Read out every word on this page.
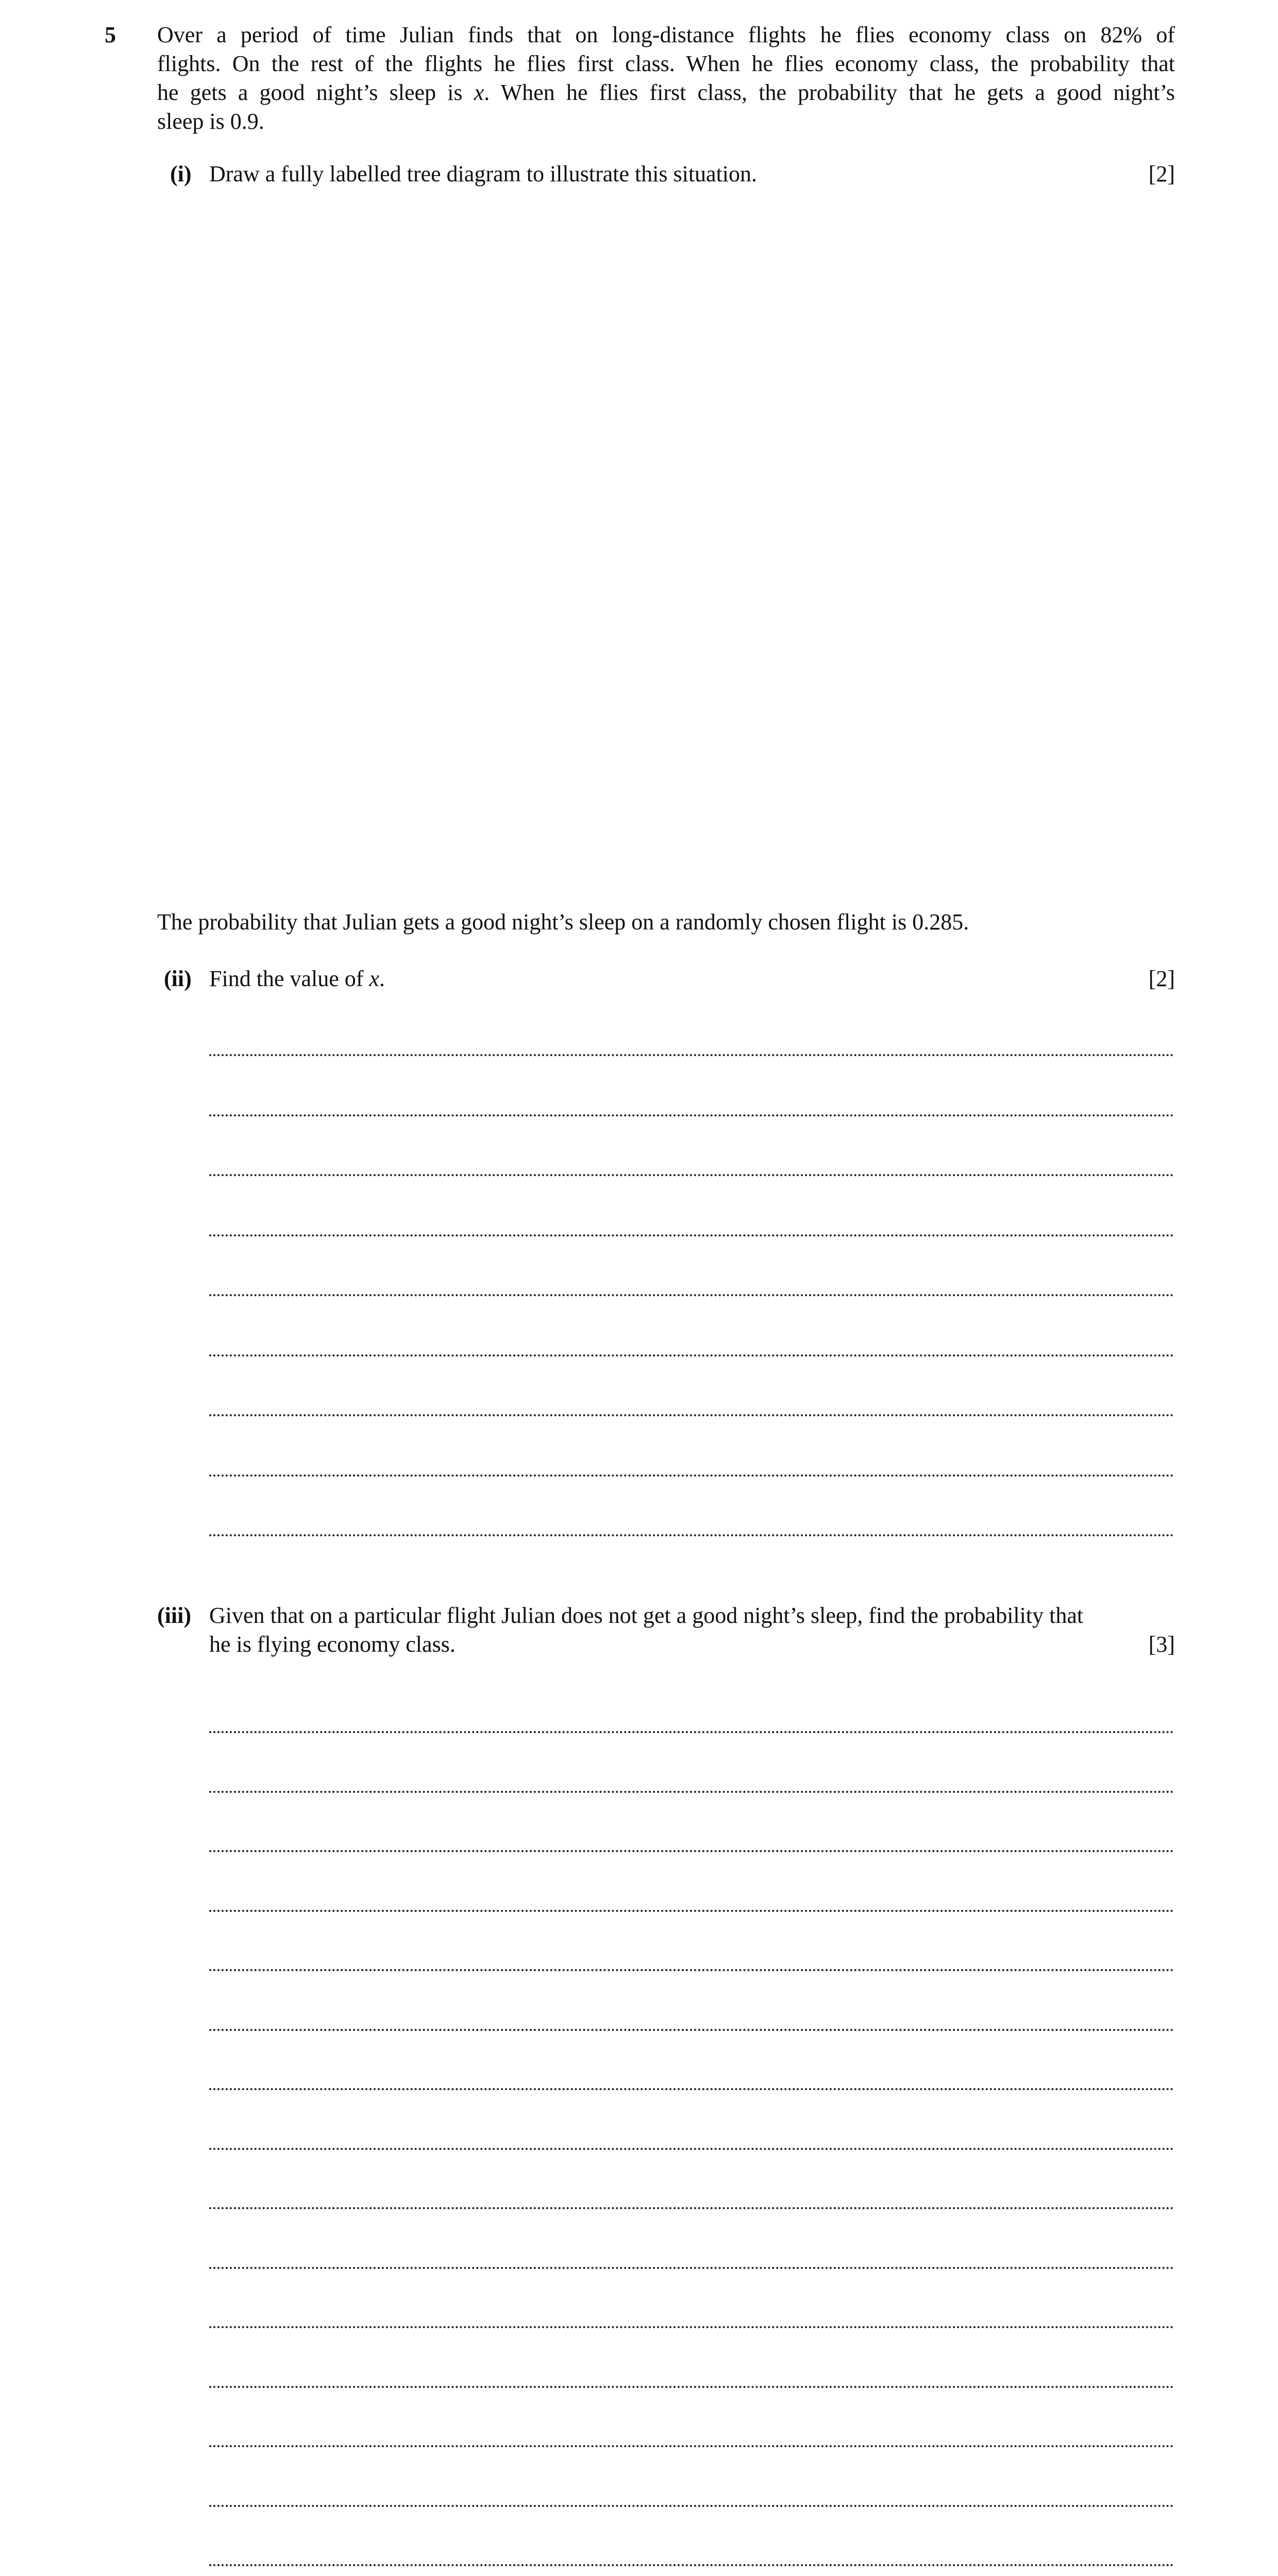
5 Over a period of time Julian finds that on long-distance flights he flies economy class on 82% of

flights. On the rest of the flights he flies first class. When he flies economy class, the probability that

he gets a good night’s sleep is x. When he flies first class, the probability that he gets a good night’s

sleep is 0.9.

(i) Draw a fully labelled tree diagram to illustrate this situation.	[2]
The probability that Julian gets a good night’s sleep on a randomly chosen flight is 0.285.
(ii) Find the value of x.	[2]
(iii) Given that on a particular flight Julian does not get a good night’s sleep, find the probability that
he is flying economy class.	[3]
